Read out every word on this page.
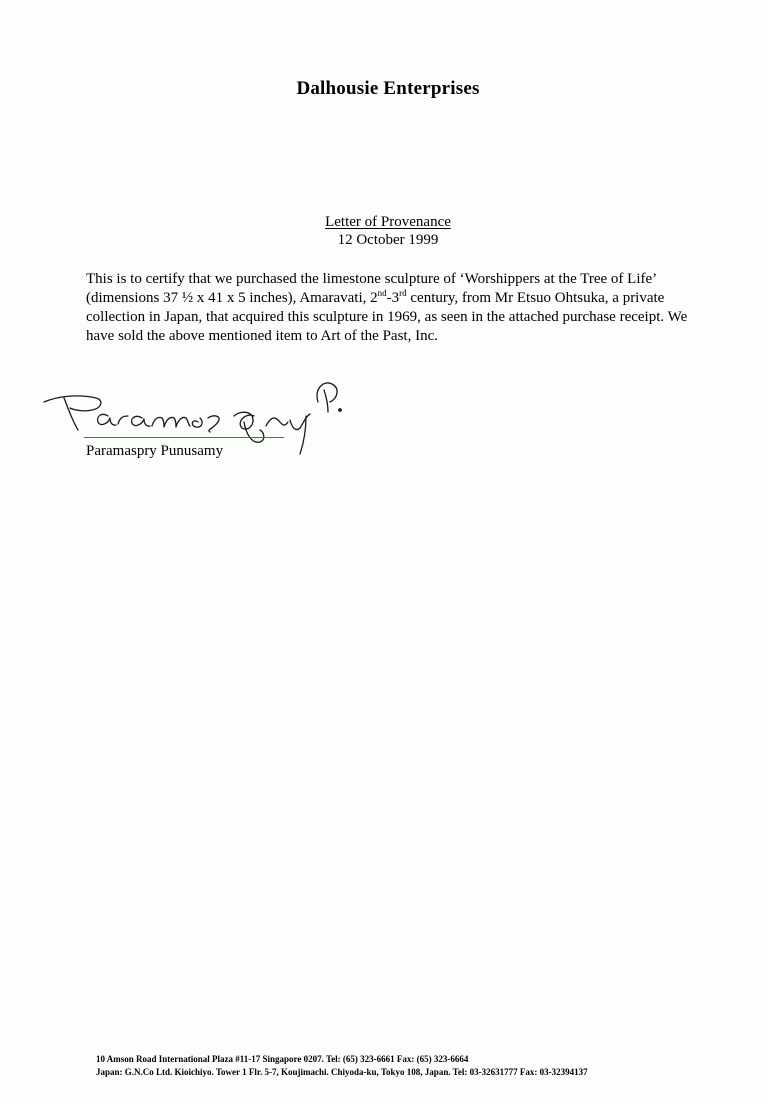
Dalhousie Enterprises
Letter of Provenance
12 October 1999
This is to certify that we purchased the limestone sculpture of ‘Worshippers at the Tree of Life’ (dimensions 37 ½ x 41 x 5 inches), Amaravati, 2nd-3rd century, from Mr Etsuo Ohtsuka, a private collection in Japan, that acquired this sculpture in 1969, as seen in the attached purchase receipt. We have sold the above mentioned item to Art of the Past, Inc.
Paramaspry Punusamy
10 Amson Road International Plaza #11-17 Singapore 0207. Tel: (65) 323-6661 Fax: (65) 323-6664
Japan: G.N.Co Ltd. Kioichiyo. Tower 1 Flr. 5-7, Koujimachi. Chiyoda-ku, Tokyo 108, Japan. Tel: 03-32631777 Fax: 03-32394137
